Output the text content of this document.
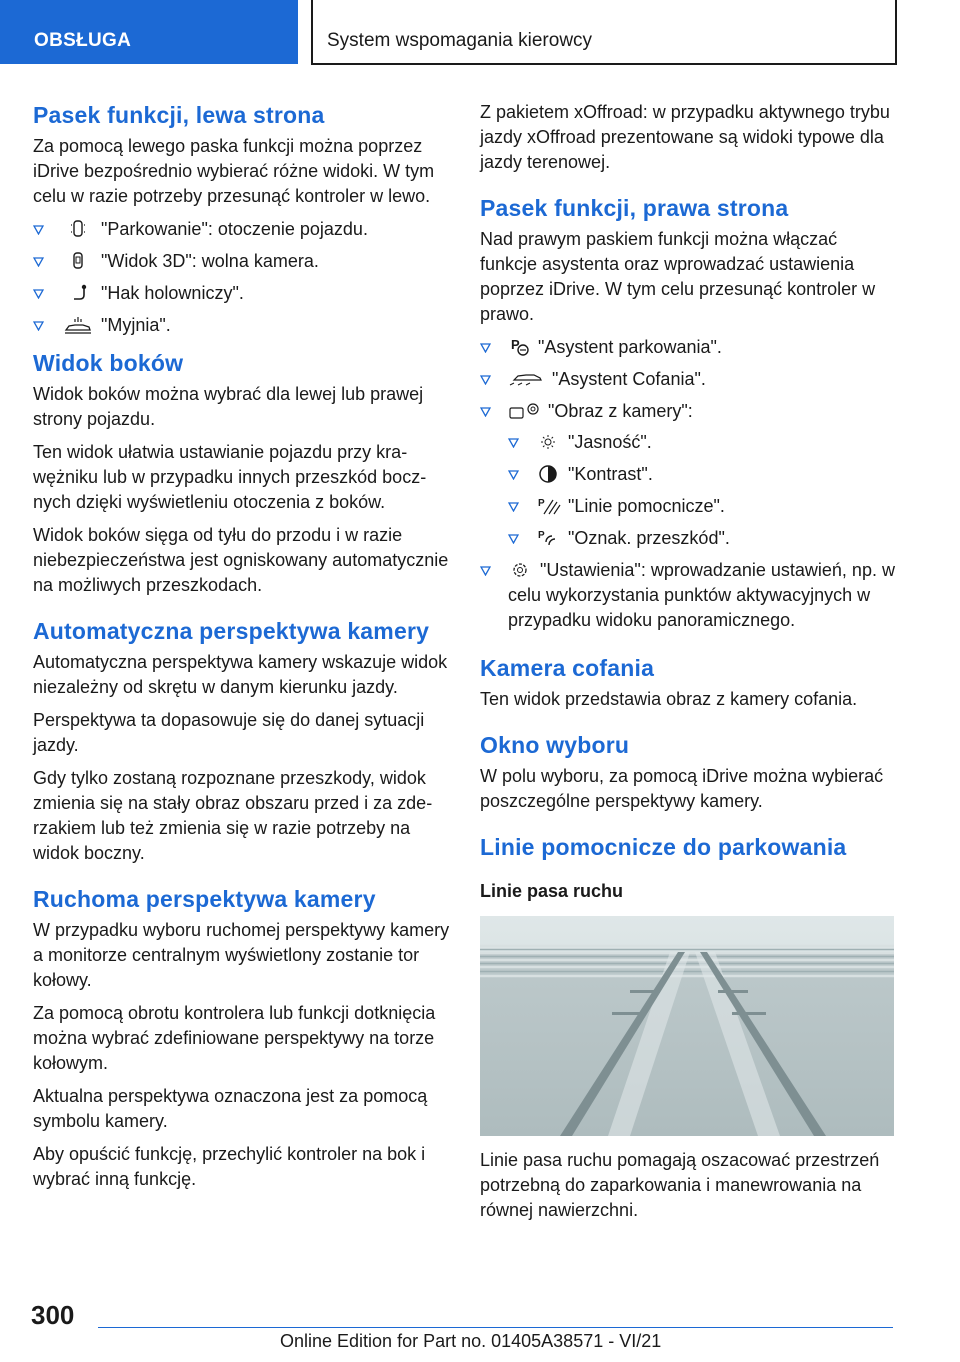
OBSŁUGA	System wspomagania kierowcy
Pasek funkcji, lewa strona

Za pomocą lewego paska funkcji można poprzez iDrive bezpośrednio wybierać różne widoki. W tym celu w razie potrzeby przesunąć kontroler w lewo.

"Parkowanie": otoczenie pojazdu.
"Widok 3D": wolna kamera.
"Hak holowniczy".
"Myjnia".
Widok boków

Widok boków można wybrać dla lewej lub prawej strony pojazdu.

Ten widok ułatwia ustawianie pojazdu przy krawężniku lub w przypadku innych przeszkód bocznych dzięki wyświetleniu otoczenia z boków.

Widok boków sięga od tyłu do przodu i w razie niebezpieczeństwa jest ogniskowany automatycznie na możliwych przeszkodach.

Automatyczna perspektywa kamery

Automatyczna perspektywa kamery wskazuje widok niezależny od skrętu w danym kierunku jazdy.

Perspektywa ta dopasowuje się do danej sytuacji jazdy.

Gdy tylko zostaną rozpoznane przeszkody, widok zmienia się na stały obraz obszaru przed i za zderzakiem lub też zmienia się w razie potrzeby na widok boczny.

Ruchoma perspektywa kamery

W przypadku wyboru ruchomej perspektywy kamery a monitorze centralnym wyświetlony zostanie tor kołowy.

Za pomocą obrotu kontrolera lub funkcji dotknięcia można wybrać zdefiniowane perspektywy na torze kołowym.

Aktualna perspektywa oznaczona jest za pomocą symbolu kamery.

Aby opuścić funkcję, przechylić kontroler na bok i wybrać inną funkcję.

Z pakietem xOffroad: w przypadku aktywnego trybu jazdy xOffroad prezentowane są widoki typowe dla jazdy terenowej.

Pasek funkcji, prawa strona

Nad prawym paskiem funkcji można włączać funkcje asystenta oraz wprowadzać ustawienia poprzez iDrive. W tym celu przesunąć kontroler w prawo.

P "Asystent parkowania".
"Asystent Cofania".
"Obraz z kamery":
"Jasność".
"Kontrast".
P "Linie pomocnicze".
P "Oznak. przeszkód".
"Ustawienia": wprowadzanie ustawień, np. w celu wykorzystania punktów aktywacyjnych w przypadku widoku panoramicznego.
Kamera cofania

Ten widok przedstawia obraz z kamery cofania.

Okno wyboru

W polu wyboru, za pomocą iDrive można wybierać poszczególne perspektywy kamery.

Linie pomocnicze do parkowania
Linie pasa ruchu

Linie pasa ruchu pomagają oszacować przestrzeń potrzebną do zaparkowania i manewrowania na równej nawierzchni.

300
Online Edition for Part no. 01405A38571 - VI/21
